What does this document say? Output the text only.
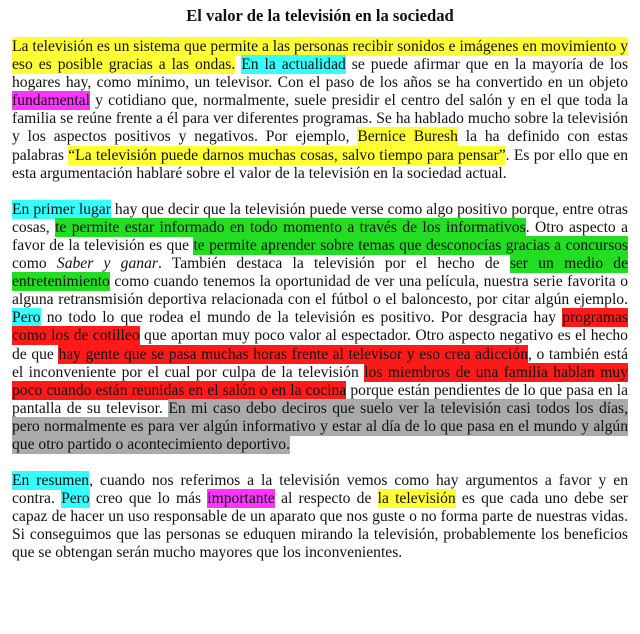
El valor de la televisión en la sociedad

La televisión es un sistema que permite a las personas recibir sonidos e imágenes en movimiento y eso es posible gracias a las ondas. En la actualidad se puede afirmar que en la mayoría de los hogares hay, como mínimo, un televisor. Con el paso de los años se ha convertido en un objeto fundamental y cotidiano que, normalmente, suele presidir el centro del salón y en el que toda la familia se reúne frente a él para ver diferentes programas. Se ha hablado mucho sobre la televisión y los aspectos positivos y negativos. Por ejemplo, Bernice Buresh la ha definido con estas palabras “La televisión puede darnos muchas cosas, salvo tiempo para pensar”. Es por ello que en esta argumentación hablaré sobre el valor de la televisión en la sociedad actual.

En primer lugar hay que decir que la televisión puede verse como algo positivo porque, entre otras cosas, te permite estar informado en todo momento a través de los informativos. Otro aspecto a favor de la televisión es que te permite aprender sobre temas que desconocías gracias a concursos como Saber y ganar. También destaca la televisión por el hecho de ser un medio de entretenimiento como cuando tenemos la oportunidad de ver una película, nuestra serie favorita o alguna retransmisión deportiva relacionada con el fútbol o el baloncesto, por citar algún ejemplo. Pero no todo lo que rodea el mundo de la televisión es positivo. Por desgracia hay programas como los de cotilleo que aportan muy poco valor al espectador. Otro aspecto negativo es el hecho de que hay gente que se pasa muchas horas frente al televisor y eso crea adicción, o también está el inconveniente por el cual por culpa de la televisión los miembros de una familia hablan muy poco cuando están reunidas en el salón o en la cocina porque están pendientes de lo que pasa en la pantalla de su televisor. En mi caso debo deciros que suelo ver la televisión casi todos los días, pero normalmente es para ver algún informativo y estar al día de lo que pasa en el mundo y algún que otro partido o acontecimiento deportivo.

En resumen, cuando nos referimos a la televisión vemos como hay argumentos a favor y en contra. Pero creo que lo más importante al respecto de la televisión es que cada uno debe ser capaz de hacer un uso responsable de un aparato que nos guste o no forma parte de nuestras vidas. Si conseguimos que las personas se eduquen mirando la televisión, probablemente los beneficios que se obtengan serán mucho mayores que los inconvenientes.
